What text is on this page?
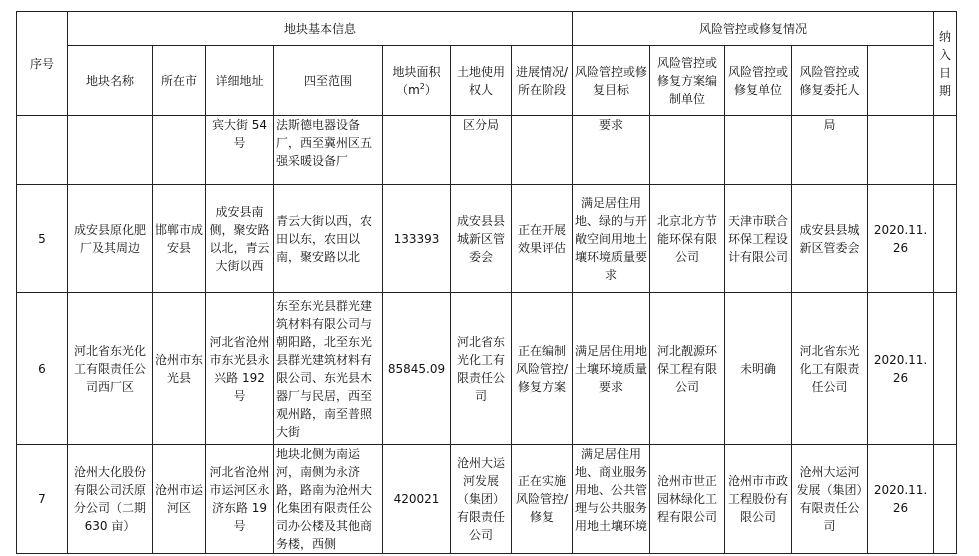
序号	地块基本信息							风险管控或修复情况					纳入日期	
	地块名称	所在市	详细地址	四至范围	地块面积$(m^2)$	土地使用权人	进展情况/所在阶段	风险管控或修复目标	风险管控或修复方案编制单位	风险管控或修复单位	风险管控或修复委托人			
			宾大街 54 号	法斯德电器设备厂，西至冀州区五强采暖设备厂		区分局		要求			局			
5	成安县原化肥厂及其周边	邯郸市成安县	成安县南侧，聚安路以北，青云大街以西	青云大街以西，农田以东，农田以南，聚安路以北	133393	成安县县城新区管委会	正在开展效果评估	满足居住用地、绿的与开敞空间用地土壤环境质量要求	北京北方节能环保有限公司	天津市联合环保工程设计有限公司	成安县县城新区管委会	2020.11.26		
6	河北省东光化工有限责任公司西厂区	沧州市东光县	河北省沧州市东光县永兴路 192 号	东至东光县群光建筑材料有限公司与朝阳路，北至东光县群光建筑材料有限公司、东光县木器厂与民居，西至观州路，南至普照大街	85845.09	河北省东光化工有限责任公司	正在编制风险管控/修复方案	满足居住用地土壤环境质量要求	河北靓源环保工程有限公司	未明确	河北省东光化工有限责任公司	2020.11.26		
7	沧州大化股份有限公司沃原分公司（二期 630 亩）	沧州市运河区	河北省沧州市运河区永济东路 19 号	地块北侧为南运河，南侧为永济路，路南为沧州大化集团有限责任公司办公楼及其他商务楼，西侧	420021	沧州大运河发展（集团）有限责任公司	正在实施风险管控/修复	满足居住用地、商业服务用地、公共管理与公共服务用地土壤环境	沧州市世正园林绿化工程有限公司	沧州市市政工程股份有限公司	沧州大运河发展（集团）有限责任公司	2020.11.26		
